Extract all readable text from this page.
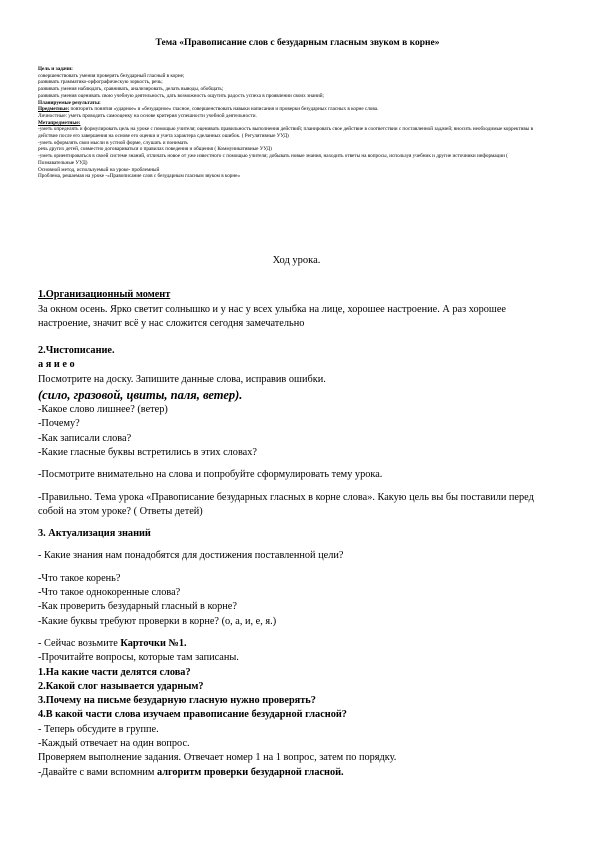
Тема «Правописание слов с безударным гласным звуком в корне»

Цель и задачи:

совершенствовать умения проверять безударный гласный в корне;

развивать грамматико-орфографическую зоркость, речь;

развивать умения наблюдать, сравнивать, анализировать, делать выводы, обобщать;

развивать умения оценивать свою учебную деятельность, дать возможность ощутить радость успеха в проявлении своих знаний;

Планируемые результаты:

Предметные: повторить понятия «ударное» и «безударное» гласное, совершенствовать навыки написания и проверки безударных гласных в корне слова.

Личностные: уметь проводить самооценку на основе критерия успешности учебной деятельности.

Метапредметные:

-уметь определять и формулировать цель на уроке с помощью учителя; оценивать правильность выполнения действий; планировать свое действие в соответствии с поставленной задачей; вносить необходимые коррективы в действие после его завершения на основе его оценки и учета характера сделанных ошибок. ( Регулятивные УУД)

-уметь оформлять свои мысли в устной форме, слушать и понимать

речь других детей, совместно договариваться о правилах поведения и общения ( Коммуникативные УУД)

-уметь ориентироваться в своей системе знаний, отличать новое от уже известного с помощью учителя; добывать новые знания, находить ответы на вопросы, используя учебник и другие источники информации ( Познавательные УУД)

Основной метод, используемый на уроке- проблемный

Проблема, решаемая на уроке -«Правописание слов с безударным гласным звуком в корне»

Ход урока.

1.Организационный момент

За окном осень. Ярко светит солнышко и у нас у всех улыбка на лице, хорошее настроение. А раз хорошее настроение, значит всё у нас сложится сегодня замечательно

2.Чистописание.

а я и е о

Посмотрите на доску. Запишите данные слова, исправив ошибки.

(сило, гразовой, цвиты, паля, ветер).

-Какое слово лишнее? (ветер)

-Почему?

-Как записали слова?

-Какие гласные буквы встретились в этих словах?

-Посмотрите внимательно на слова и попробуйте сформулировать тему урока.

-Правильно. Тема урока «Правописание безударных гласных в корне слова». Какую цель вы бы поставили перед собой на этом уроке? ( Ответы детей)

3. Актуализация знаний

- Какие знания нам понадобятся для достижения поставленной цели?

-Что такое корень?

-Что такое однокоренные слова?

-Как проверить безударный гласный в корне?

-Какие буквы требуют проверки в корне? (о, а, и, е, я.)

- Сейчас возьмите Карточки №1.

-Прочитайте вопросы, которые там записаны.

1.На какие части делятся слова?

2.Какой слог называется ударным?

3.Почему на письме безударную гласную нужно проверять?

4.В какой части слова изучаем правописание безударной гласной?

- Теперь обсудите в группе.

-Каждый отвечает на один вопрос.

Проверяем выполнение задания. Отвечает номер 1 на 1 вопрос, затем по порядку.

-Давайте с вами вспомним алгоритм проверки безударной гласной.
